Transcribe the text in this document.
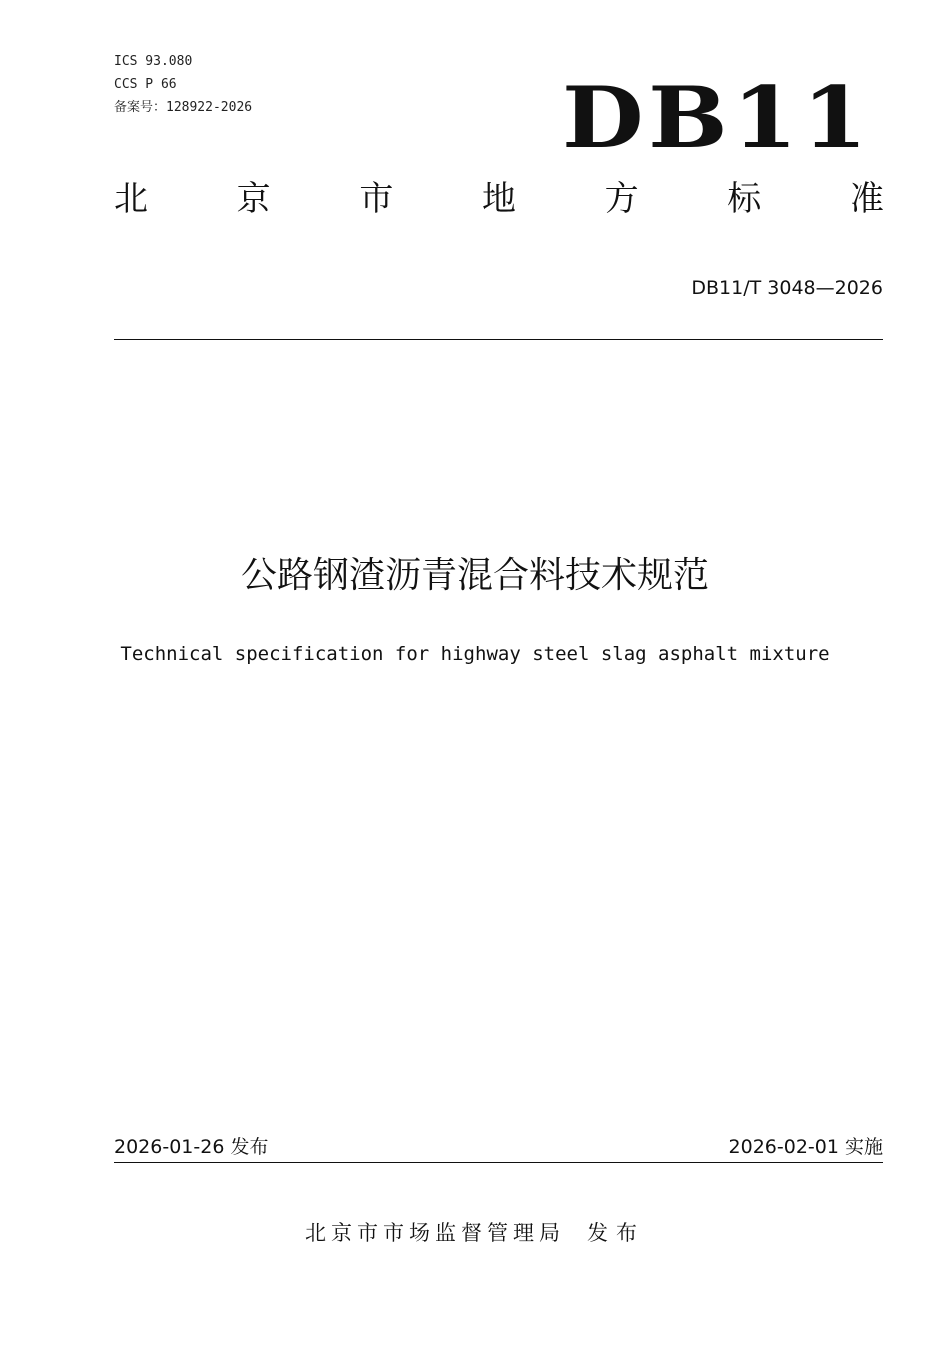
ICS 93.080
CCS P 66
备案号：128922-2026	DB11
北	京	市	地	方	标	准
DB11/T 3048—2026
公路钢渣沥青混合料技术规范
Technical specification for highway steel slag asphalt mixture
2026-01-26 发布	2026-02-01 实施
北京市市场监督管理局 发布
